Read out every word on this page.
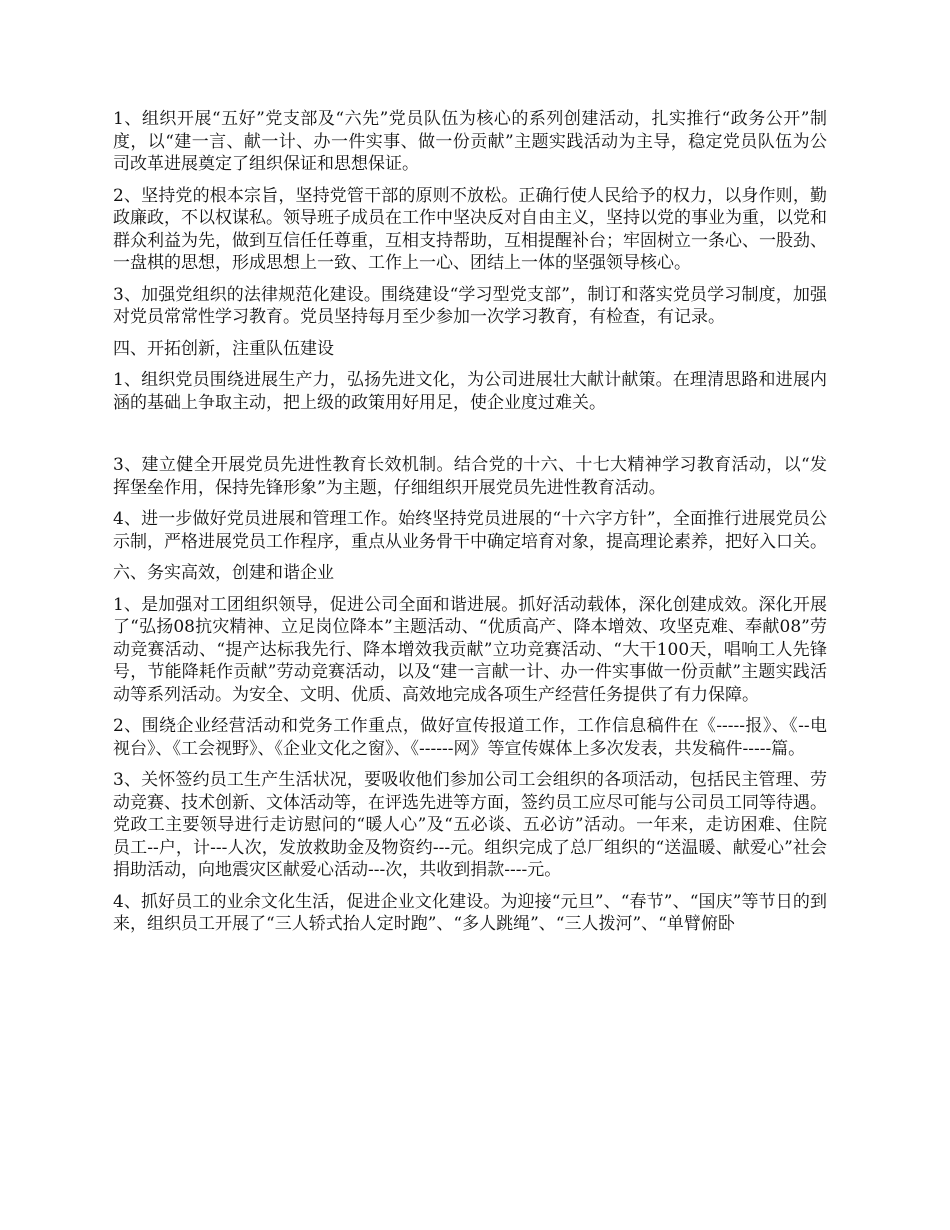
1、组织开展“五好”党支部及“六先”党员队伍为核心的系列创建活动，扎实推行“政务公开”制度，以“建一言、献一计、办一件实事、做一份贡献”主题实践活动为主导，稳定党员队伍为公司改革进展奠定了组织保证和思想保证。

2、坚持党的根本宗旨，坚持党管干部的原则不放松。正确行使人民给予的权力，以身作则，勤政廉政，不以权谋私。领导班子成员在工作中坚决反对自由主义，坚持以党的事业为重，以党和群众利益为先，做到互信任任尊重，互相支持帮助，互相提醒补台；牢固树立一条心、一股劲、一盘棋的思想，形成思想上一致、工作上一心、团结上一体的坚强领导核心。

3、加强党组织的法律规范化建设。围绕建设“学习型党支部”，制订和落实党员学习制度，加强对党员常常性学习教育。党员坚持每月至少参加一次学习教育，有检查，有记录。

四、开拓创新，注重队伍建设

1、组织党员围绕进展生产力，弘扬先进文化，为公司进展壮大献计献策。在理清思路和进展内涵的基础上争取主动，把上级的政策用好用足，使企业度过难关。

3、建立健全开展党员先进性教育长效机制。结合党的十六、十七大精神学习教育活动，以“发挥堡垒作用，保持先锋形象”为主题，仔细组织开展党员先进性教育活动。

4、进一步做好党员进展和管理工作。始终坚持党员进展的“十六字方针”，全面推行进展党员公示制，严格进展党员工作程序，重点从业务骨干中确定培育对象，提高理论素养，把好入口关。

六、务实高效，创建和谐企业

1、是加强对工团组织领导，促进公司全面和谐进展。抓好活动载体，深化创建成效。深化开展了“弘扬08抗灾精神、立足岗位降本”主题活动、“优质高产、降本增效、攻坚克难、奉献08”劳动竞赛活动、“提产达标我先行、降本增效我贡献”立功竞赛活动、“大干100天，唱响工人先锋号，节能降耗作贡献”劳动竞赛活动，以及“建一言献一计、办一件实事做一份贡献”主题实践活动等系列活动。为安全、文明、优质、高效地完成各项生产经营任务提供了有力保障。

2、围绕企业经营活动和党务工作重点，做好宣传报道工作，工作信息稿件在《-----报》、《--电视台》、《工会视野》、《企业文化之窗》、《------网》等宣传媒体上多次发表，共发稿件-----篇。

3、关怀签约员工生产生活状况，要吸收他们参加公司工会组织的各项活动，包括民主管理、劳动竞赛、技术创新、文体活动等，在评选先进等方面，签约员工应尽可能与公司员工同等待遇。党政工主要领导进行走访慰问的“暖人心”及“五必谈、五必访”活动。一年来，走访困难、住院员工--户，计---人次，发放救助金及物资约---元。组织完成了总厂组织的“送温暖、献爱心”社会捐助活动，向地震灾区献爱心活动---次，共收到捐款----元。

4、抓好员工的业余文化生活，促进企业文化建设。为迎接“元旦”、“春节”、“国庆”等节日的到来，组织员工开展了“三人轿式抬人定时跑”、“多人跳绳”、“三人拨河”、“单臂俯卧
